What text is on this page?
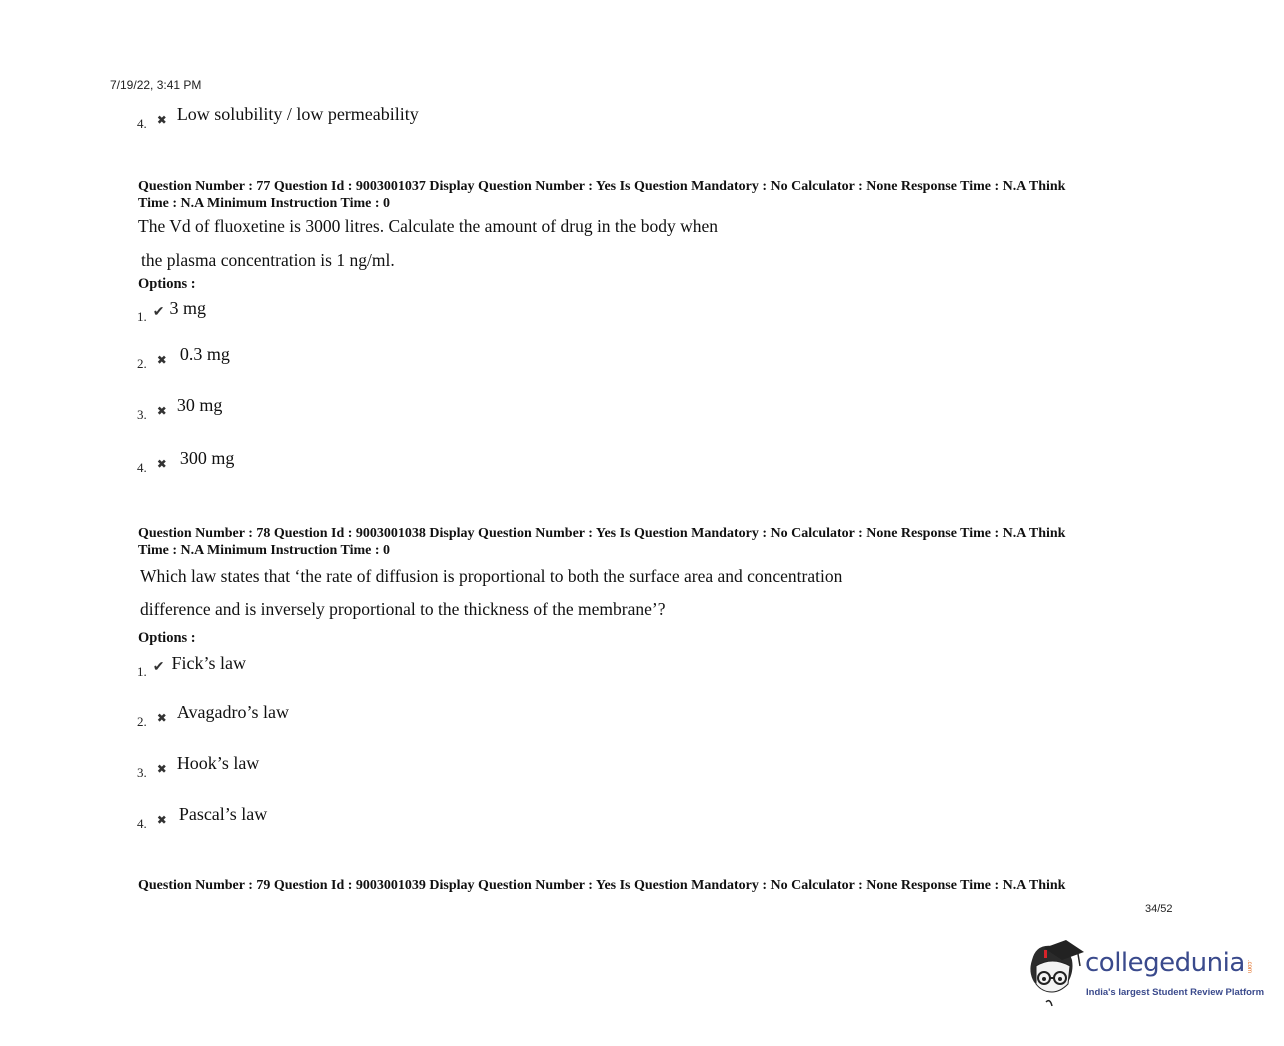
7/19/22, 3:41 PM
$_{4.}$ $_✖$ Low solubility / low permeability
Question Number : 77 Question Id : 9003001037 Display Question Number : Yes Is Question Mandatory : No Calculator : None Response Time : N.A Think
Time : N.A Minimum Instruction Time : 0
The Vd of fluoxetine is 3000 litres. Calculate the amount of drug in the body when
the plasma concentration is 1 ng/ml.
Options :
$_{1.}$ ✔ 3 mg
$_{2.}$ $_✖$ 0.3 mg
$_{3.}$ $_✖$ 30 mg
$_{4.}$ $_✖$ 300 mg
Question Number : 78 Question Id : 9003001038 Display Question Number : Yes Is Question Mandatory : No Calculator : None Response Time : N.A Think
Time : N.A Minimum Instruction Time : 0
Which law states that ‘the rate of diffusion is proportional to both the surface area and concentration
difference and is inversely proportional to the thickness of the membrane’?
Options :
$_{1.}$ ✔ Fick’s law
$_{2.}$ $_✖$ Avagadro’s law
$_{3.}$ $_✖$ Hook’s law
$_{4.}$ $_✖$ Pascal’s law
Question Number : 79 Question Id : 9003001039 Display Question Number : Yes Is Question Mandatory : No Calculator : None Response Time : N.A Think
34/52
collegedunia .com
India's largest Student Review Platform
